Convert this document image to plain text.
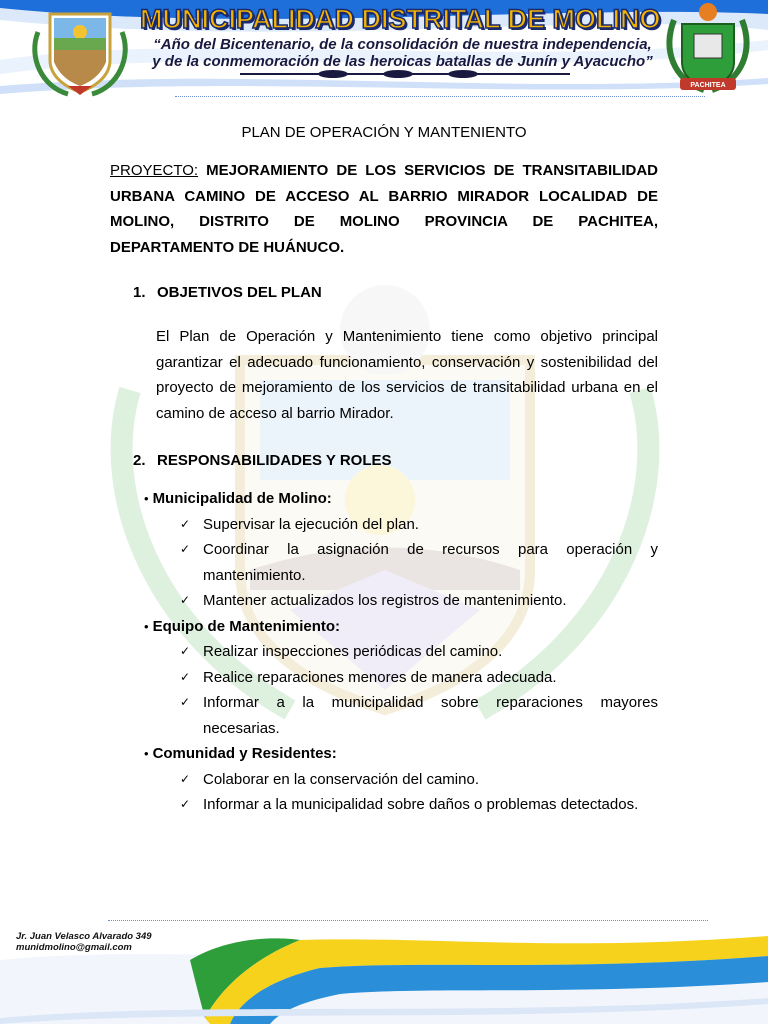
MUNICIPALIDAD DISTRITAL DE MOLINO
“Año del Bicentenario, de la consolidación de nuestra independencia,
y de la conmemoración de las heroicas batallas de Junín y Ayacucho”
PACHITEA
PLAN DE OPERACIÓN Y MANTENIENTO

PROYECTO: MEJORAMIENTO DE LOS SERVICIOS DE TRANSITABILIDAD URBANA CAMINO DE ACCESO AL BARRIO MIRADOR LOCALIDAD DE MOLINO, DISTRITO DE MOLINO PROVINCIA DE PACHITEA, DEPARTAMENTO DE HUÁNUCO.

1. OBJETIVOS DEL PLAN

El Plan de Operación y Mantenimiento tiene como objetivo principal garantizar el adecuado funcionamiento, conservación y sostenibilidad del proyecto de mejoramiento de los servicios de transitabilidad urbana en el camino de acceso al barrio Mirador.

2. RESPONSABILIDADES Y ROLES
• Municipalidad de Molino:
✓ Supervisar la ejecución del plan.
✓ Coordinar la asignación de recursos para operación y mantenimiento.
✓ Mantener actualizados los registros de mantenimiento.
• Equipo de Mantenimiento:
✓ Realizar inspecciones periódicas del camino.
✓ Realice reparaciones menores de manera adecuada.
✓ Informar a la municipalidad sobre reparaciones mayores necesarias.
• Comunidad y Residentes:
✓ Colaborar en la conservación del camino.
✓ Informar a la municipalidad sobre daños o problemas detectados.
Jr. Juan Velasco Alvarado 349
munidmolino@gmail.com
